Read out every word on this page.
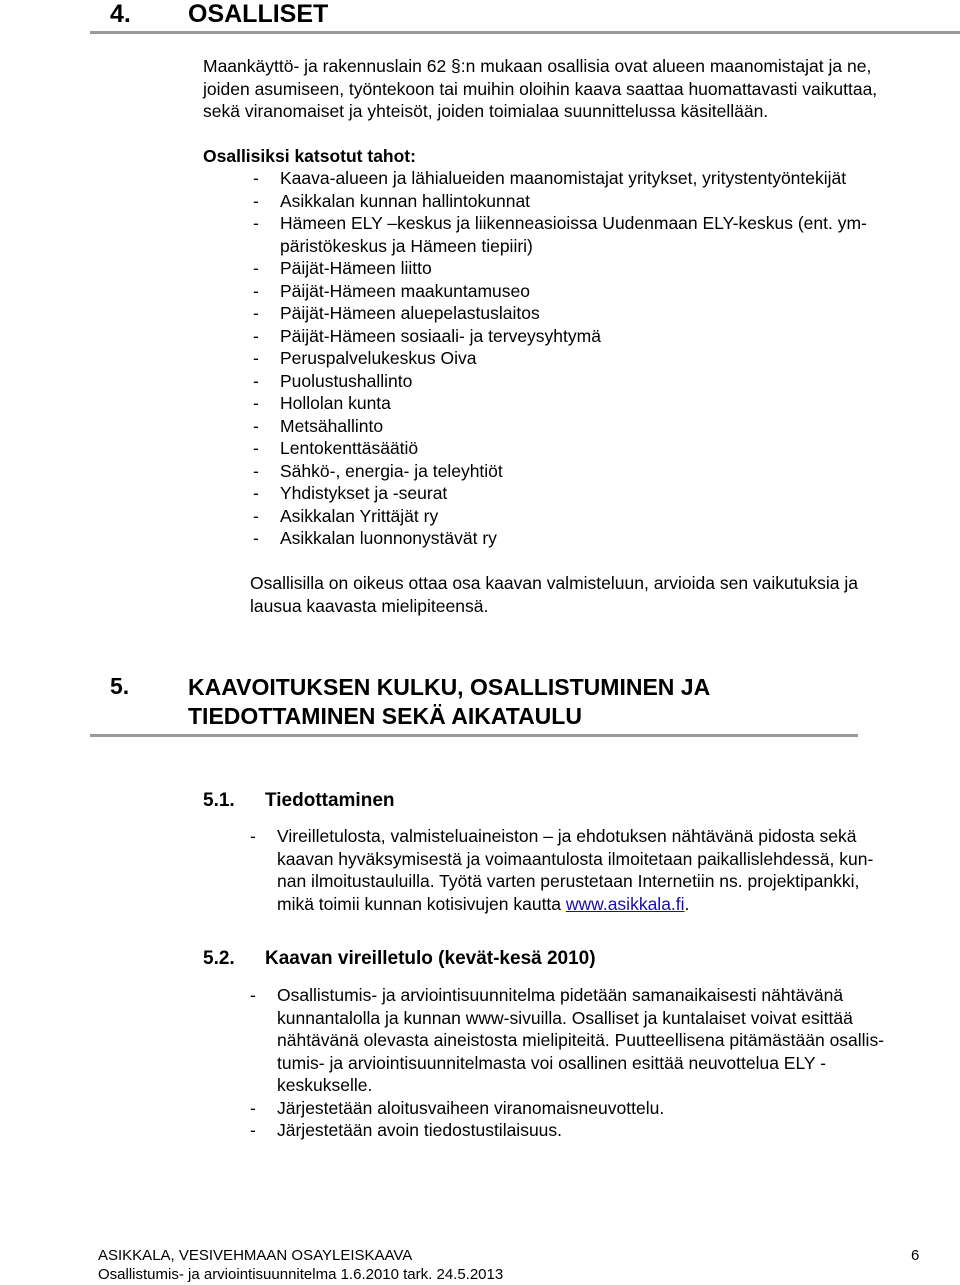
4. OSALLISET

Maankäyttö- ja rakennuslain 62 §:n mukaan osallisia ovat alueen maanomistajat ja ne,

joiden asumiseen, työntekoon tai muihin oloihin kaava saattaa huomattavasti vaikuttaa,

sekä viranomaiset ja yhteisöt, joiden toimialaa suunnittelussa käsitellään.

Osallisiksi katsotut tahot:
- Kaava-alueen ja lähialueiden maanomistajat yritykset, yritystentyöntekijät
- Asikkalan kunnan hallintokunnat
- Hämeen ELY –keskus ja liikenneasioissa Uudenmaan ELY-keskus (ent. ym-
päristökeskus ja Hämeen tiepiiri)
- Päijät-Hämeen liitto
- Päijät-Hämeen maakuntamuseo
- Päijät-Hämeen aluepelastuslaitos
- Päijät-Hämeen sosiaali- ja terveysyhtymä
- Peruspalvelukeskus Oiva
- Puolustushallinto
- Hollolan kunta
- Metsähallinto
- Lentokenttäsäätiö
- Sähkö-, energia- ja teleyhtiöt
- Yhdistykset ja -seurat
- Asikkalan Yrittäjät ry
- Asikkalan luonnonystävät ry

Osallisilla on oikeus ottaa osa kaavan valmisteluun, arvioida sen vaikutuksia ja

lausua kaavasta mielipiteensä.

5.	KAAVOITUKSEN KULKU, OSALLISTUMINEN JA
TIEDOTTAMINEN SEKÄ AIKATAULU
5.1. Tiedottaminen
- Vireilletulosta, valmisteluaineiston – ja ehdotuksen nähtävänä pidosta sekä

kaavan hyväksymisestä ja voimaantulosta ilmoitetaan paikallislehdessä, kun-

nan ilmoitustauluilla. Työtä varten perustetaan Internetiin ns. projektipankki,

mikä toimii kunnan kotisivujen kautta www.asikkala.fi.

5.2. Kaavan vireilletulo (kevät-kesä 2010)
- Osallistumis- ja arviointisuunnitelma pidetään samanaikaisesti nähtävänä

kunnantalolla ja kunnan www-sivuilla. Osalliset ja kuntalaiset voivat esittää

nähtävänä olevasta aineistosta mielipiteitä. Puutteellisena pitämästään osallis-

tumis- ja arviointisuunnitelmasta voi osallinen esittää neuvottelua ELY -

keskukselle.

- Järjestetään aloitusvaiheen viranomaisneuvottelu.

- Järjestetään avoin tiedostustilaisuus.

ASIKKALA, VESIVEHMAAN OSAYLEISKAAVA	6
Osallistumis- ja arviointisuunnitelma 1.6.2010 tark. 24.5.2013
